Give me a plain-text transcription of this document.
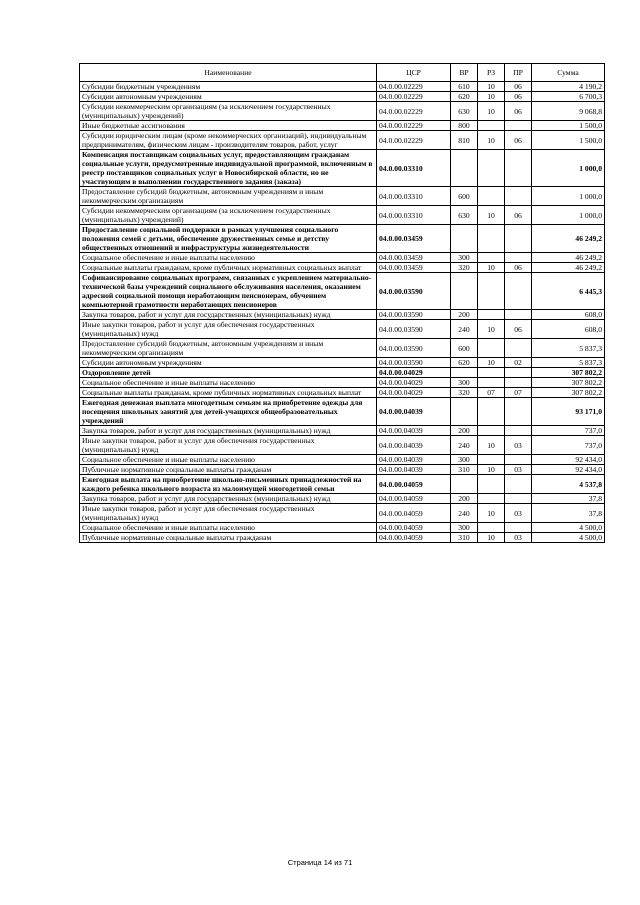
Наименование	ЦСР	ВР	РЗ	ПР	Сумма
Субсидии бюджетным учреждениям	04.0.00.02229	610	10	06	4 190,2
Субсидии автономным учреждениям	04.0.00.02229	620	10	06	6 700,3
Субсидии некоммерческим организациям (за исключением государственных (муниципальных) учреждений)	04.0.00.02229	630	10	06	9 068,8
Иные бюджетные ассигнования	04.0.00.02229	800			1 500,0
Субсидии юридическим лицам (кроме некоммерческих организаций), индивидуальным предпринимателям, физическим лицам - производителям товаров, работ, услуг	04.0.00.02229	810	10	06	1 500,0
Компенсация поставщикам социальных услуг, предоставляющим гражданам социальные услуги, предусмотренные индивидуальной программой, включенным в реестр поставщиков социальных услуг в Новосибирской области, но не участвующим в выполнении государственного задания (заказа)	04.0.00.03310				1 000,0
Предоставление субсидий бюджетным, автономным учреждениям и иным некоммерческим организациям	04.0.00.03310	600			1 000,0
Субсидии некоммерческим организациям (за исключением государственных (муниципальных) учреждений)	04.0.00.03310	630	10	06	1 000,0
Предоставление социальной поддержки в рамках улучшения социального положения семей с детьми, обеспечение дружественных семье и детству общественных отношений и инфраструктуры жизнедеятельности	04.0.00.03459				46 249,2
Социальное обеспечение и иные выплаты населению	04.0.00.03459	300			46 249,2
Социальные выплаты гражданам, кроме публичных нормативных социальных выплат	04.0.00.03459	320	10	06	46 249,2
Софинансирование социальных программ, связанных с укреплением материально-технической базы учреждений социального обслуживания населения, оказанием адресной социальной помощи неработающим пенсионерам, обучением компьютерной грамотности неработающих пенсионеров	04.0.00.03590				6 445,3
Закупка товаров, работ и услуг для государственных (муниципальных) нужд	04.0.00.03590	200			608,0
Иные закупки товаров, работ и услуг для обеспечения государственных (муниципальных) нужд	04.0.00.03590	240	10	06	608,0
Предоставление субсидий бюджетным, автономным учреждениям и иным некоммерческим организациям	04.0.00.03590	600			5 837,3
Субсидии автономным учреждениям	04.0.00.03590	620	10	02	5 837,3
Оздоровление детей	04.0.00.04029				307 802,2
Социальное обеспечение и иные выплаты населению	04.0.00.04029	300			307 802,2
Социальные выплаты гражданам, кроме публичных нормативных социальных выплат	04.0.00.04029	320	07	07	307 802,2
Ежегодная денежная выплата многодетным семьям на приобретение одежды для посещения школьных занятий для детей-учащихся общеобразовательных учреждений	04.0.00.04039				93 171,0
Закупка товаров, работ и услуг для государственных (муниципальных) нужд	04.0.00.04039	200			737,0
Иные закупки товаров, работ и услуг для обеспечения государственных (муниципальных) нужд	04.0.00.04039	240	10	03	737,0
Социальное обеспечение и иные выплаты населению	04.0.00.04039	300			92 434,0
Публичные нормативные социальные выплаты гражданам	04.0.00.04039	310	10	03	92 434,0
Ежегодная выплата на приобретение школьно-письменных принадлежностей на каждого ребенка школьного возраста из малоимущей многодетной семьи	04.0.00.04059				4 537,8
Закупка товаров, работ и услуг для государственных (муниципальных) нужд	04.0.00.04059	200			37,8
Иные закупки товаров, работ и услуг для обеспечения государственных (муниципальных) нужд	04.0.00.04059	240	10	03	37,8
Социальное обеспечение и иные выплаты населению	04.0.00.04059	300			4 500,0
Публичные нормативные социальные выплаты гражданам	04.0.00.04059	310	10	03	4 500,0
Страница 14 из 71
